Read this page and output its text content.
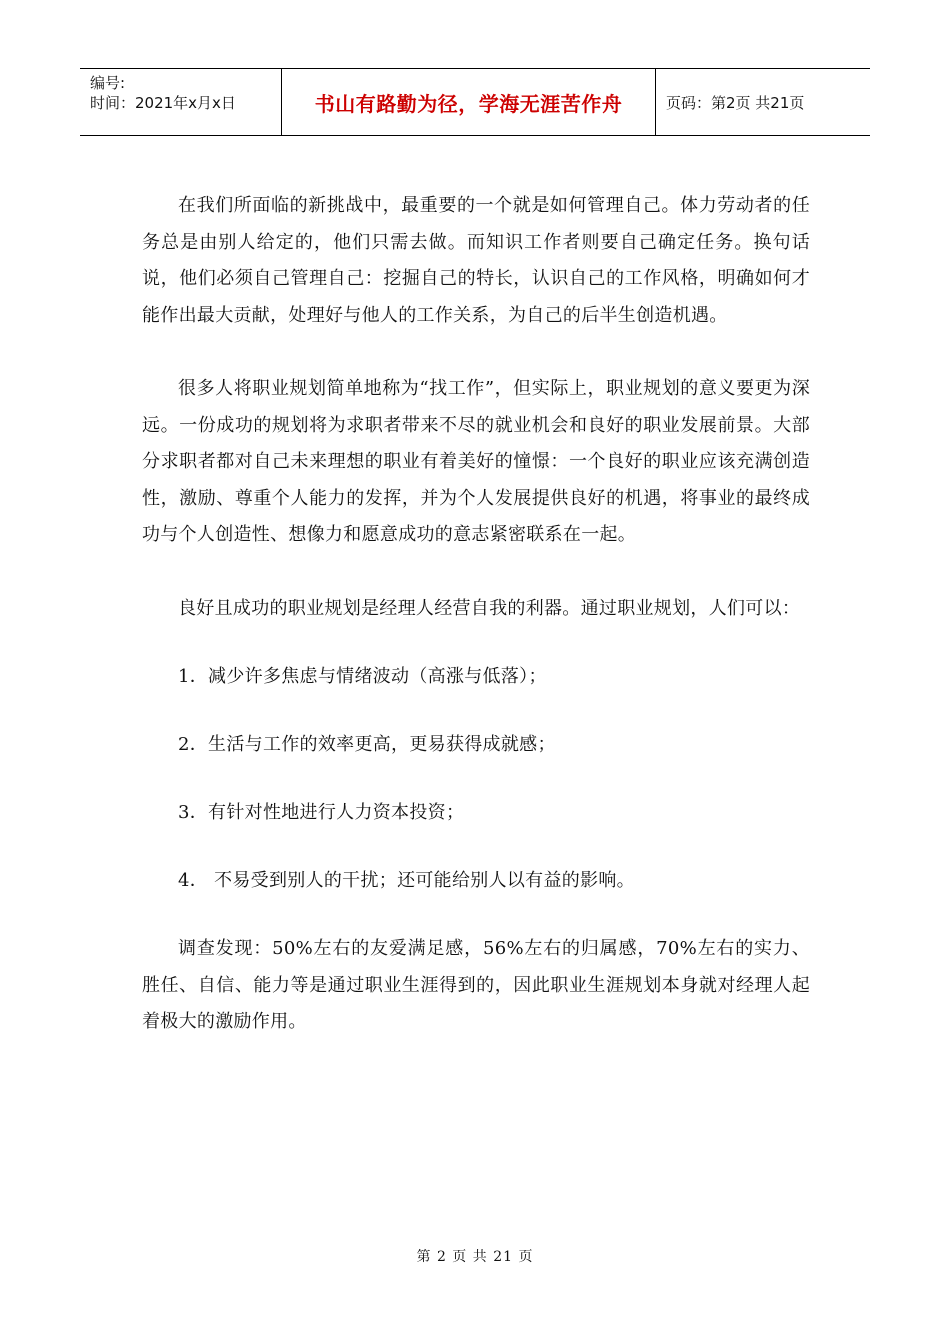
编号:
时间：2021年x月x日	书山有路勤为径，学海无涯苦作舟	页码：第2页 共21页

在我们所面临的新挑战中，最重要的一个就是如何管理自己。体力劳动者的任务总是由别人给定的，他们只需去做。而知识工作者则要自己确定任务。换句话说，他们必须自己管理自己：挖掘自己的特长，认识自己的工作风格，明确如何才能作出最大贡献，处理好与他人的工作关系，为自己的后半生创造机遇。

很多人将职业规划简单地称为“找工作”，但实际上，职业规划的意义要更为深远。一份成功的规划将为求职者带来不尽的就业机会和良好的职业发展前景。大部分求职者都对自己未来理想的职业有着美好的憧憬：一个良好的职业应该充满创造性，激励、尊重个人能力的发挥，并为个人发展提供良好的机遇，将事业的最终成功与个人创造性、想像力和愿意成功的意志紧密联系在一起。

良好且成功的职业规划是经理人经营自我的利器。通过职业规划，人们可以：

1．减少许多焦虑与情绪波动（高涨与低落）；

2．生活与工作的效率更高，更易获得成就感；

3．有针对性地进行人力资本投资；

4． 不易受到别人的干扰；还可能给别人以有益的影响。

调查发现：50%左右的友爱满足感，56%左右的归属感，70%左右的实力、胜任、自信、能力等是通过职业生涯得到的，因此职业生涯规划本身就对经理人起着极大的激励作用。

第 2 页 共 21 页
